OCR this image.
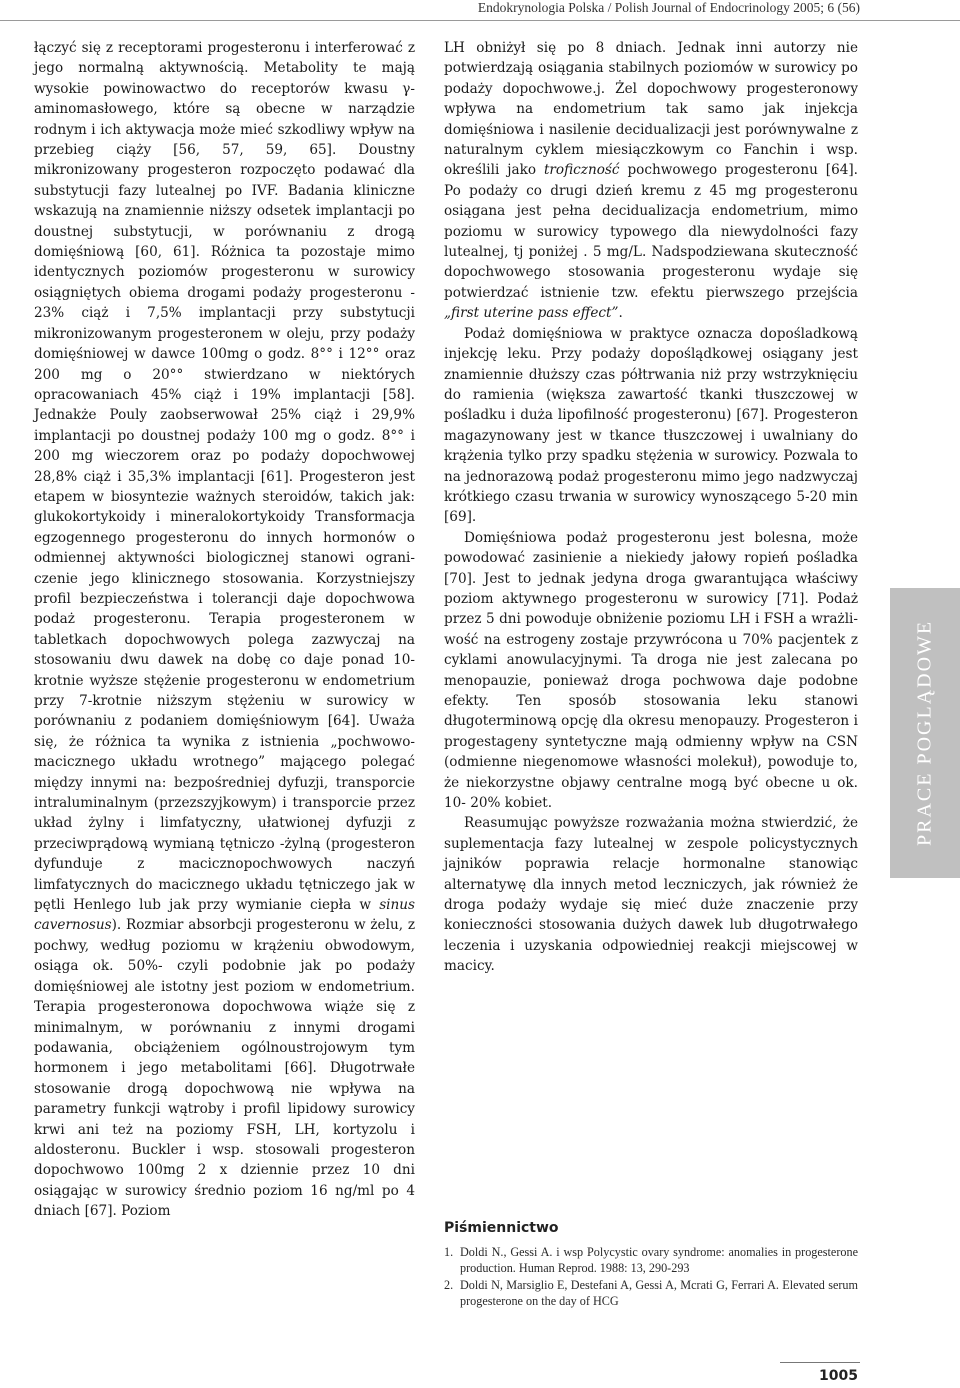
Endokrynologia Polska / Polish Journal of Endocrinology 2005; 6 (56)

łączyć się z receptorami progesteronu i interferować z jego normalną aktywnością. Metabolity te mają wysokie powinowactwo do receptorów kwasu γ-aminomasłowego, które są obecne w narządzie rodnym i ich aktywacja może mieć szkodliwy wpływ na przebieg ciąży [56, 57, 59, 65]. Doustny mikronizowany progesteron rozpoczęto podawać dla substytucji fazy lutealnej po IVF. Badania kliniczne wskazują na znamiennie niższy odsetek implantacji po doustnej substytucji, w porównaniu z drogą domięśniową [60, 61]. Różnica ta pozostaje mimo identycznych poziomów progesteronu w surowicy osiągniętych obiema drogami podaży progesteronu - 23% ciąż i 7,5% implantacji przy substytucji mikronizowanym progesteronem w oleju, przy podaży domięśniowej w dawce 100mg o godz. 8°° i 12°° oraz 200 mg o 20°° stwierdzano w niektórych opracowaniach 45% ciąż i 19% implantacji [58]. Jednakże Pouly zaobserwował 25% ciąż i 29,9% implantacji po doustnej podaży 100 mg o godz. 8°° i 200 mg wieczorem oraz po podaży dopochwowej 28,8% ciąż i 35,3% implantacji [61]. Progesteron jest etapem w biosyntezie ważnych steroidów, takich jak: glukokortykoidy i mineralokortykoidy Transformacja egzogennego progesteronu do innych hormonów o odmiennej aktywności biologicznej stanowi ograniczenie jego klinicznego stosowania. Korzystniejszy profil bezpieczeństwa i tolerancji daje dopochwowa podaż progesteronu. Terapia progesteronem w tabletkach dopochwowych polega zazwyczaj na stosowaniu dwu dawek na dobę co daje ponad 10-krotnie wyższe stężenie progesteronu w endometrium przy 7-krotnie niższym stężeniu w surowicy w porównaniu z podaniem domięśniowym [64]. Uważa się, że różnica ta wynika z istnienia „pochwowo-macicznego układu wrotnego” mającego polegać między innymi na: bezpośredniej dyfuzji, transporcie intraluminalnym (przezszyjkowym) i transporcie przez układ żylny i limfatyczny, ułatwionej dyfuzji z przeciwprądową wymianą tętniczo -żylną (progesteron dyfunduje z macicznopochwowych naczyń limfatycznych do macicznego układu tętniczego jak w pętli Henlego lub jak przy wymianie ciepła w sinus cavernosus). Rozmiar absorbcji progesteronu w żelu, z pochwy, według poziomu w krążeniu obwodowym, osiąga ok. 50%- czyli podobnie jak po podaży domięśniowej ale istotny jest poziom w endometrium. Terapia progesteronowa dopochwowa wiąże się z minimalnym, w porównaniu z innymi drogami podawania, obciążeniem ogólnoustrojowym tym hormonem i jego metabolitami [66]. Długotrwałe stosowanie drogą dopochwową nie wpływa na parametry funkcji wątroby i profil lipidowy surowicy krwi ani też na poziomy FSH, LH, kortyzolu i aldosteronu. Buckler i wsp. stosowali progesteron dopochwowo 100mg 2 x dziennie przez 10 dni osiągając w surowicy średnio poziom 16 ng/ml po 4 dniach [67]. Poziom

LH obniżył się po 8 dniach. Jednak inni autorzy nie potwierdzają osiągania stabilnych poziomów w surowicy po podaży dopochwowe.j. Żel dopochwowy progesteronowy wpływa na endometrium tak samo jak injekcja domięśniowa i nasilenie decidualizacji jest porównywalne z naturalnym cyklem miesiączkowym co Fanchin i wsp. określili jako troficzność pochwowego progesteronu [64]. Po podaży co drugi dzień kremu z 45 mg progesteronu osiągana jest pełna decidualizacja endometrium, mimo poziomu w surowicy typowego dla niewydolności fazy lutealnej, tj poniżej . 5 mg/L. Nadspodziewana skuteczność dopochwowego stosowania progesteronu wydaje się potwierdzać istnienie tzw. efektu pierwszego przejścia „first uterine pass effect”.

Podaż domięśniowa w praktyce oznacza dopośladkową injekcję leku. Przy podaży dopoślądkowej osiągany jest znamiennie dłuższy czas półtrwania niż przy wstrzyknięciu do ramienia (większa zawartość tkanki tłuszczowej w pośladku i duża lipofilność progesteronu) [67]. Progesteron magazynowany jest w tkance tłuszczowej i uwalniany do krążenia tylko przy spadku stężenia w surowicy. Pozwala to na jednorazową podaż progesteronu mimo jego nadzwyczaj krótkiego czasu trwania w surowicy wynoszącego 5-20 min [69].

Domięśniowa podaż progesteronu jest bolesna, może powodować zasinienie a niekiedy jałowy ropień pośladka [70]. Jest to jednak jedyna droga gwarantująca właściwy poziom aktywnego progesteronu w surowicy [71]. Podaż przez 5 dni powoduje obniżenie poziomu LH i FSH a wrażliwość na estrogeny zostaje przywrócona u 70% pacjentek z cyklami anowulacyjnymi. Ta droga nie jest zalecana po menopauzie, ponieważ droga pochwowa daje podobne efekty. Ten sposób stosowania leku stanowi długoterminową opcję dla okresu menopauzy. Progesteron i progestageny syntetyczne mają odmienny wpływ na CSN (odmienne niegenomowe własności molekuł), powoduje to, że niekorzystne objawy centralne mogą być obecne u ok. 10- 20% kobiet.

Reasumując powyższe rozważania można stwierdzić, że suplementacja fazy lutealnej w zespole policystycznych jajników poprawia relacje hormonalne stanowiąc alternatywę dla innych metod leczniczych, jak również że droga podaży wydaje się mieć duże znaczenie przy konieczności stosowania dużych dawek lub długotrwałego leczenia i uzyskania odpowiedniej reakcji miejscowej w macicy.

Piśmiennictwo
1. Doldi N., Gessi A. i wsp Polycystic ovary syndrome: anomalies in progesterone production. Human Reprod. 1988: 13, 290-293
2. Doldi N, Marsiglio E, Destefani A, Gessi A, Mcrati G, Ferrari A. Elevated serum progesterone on the day of HCG
PRACE POGLĄDOWE
1005
